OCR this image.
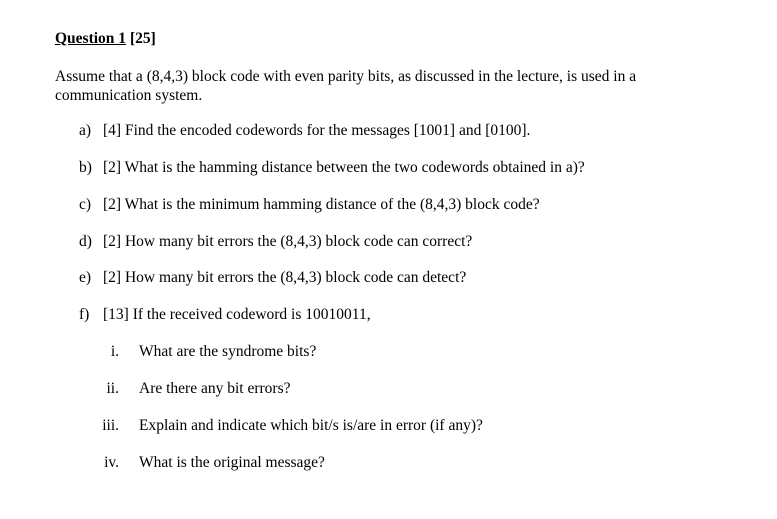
Question 1 [25]
Assume that a (8,4,3) block code with even parity bits, as discussed in the lecture, is used in a communication system.
a) [4] Find the encoded codewords for the messages [1001] and [0100].
b) [2] What is the hamming distance between the two codewords obtained in a)?
c) [2] What is the minimum hamming distance of the (8,4,3) block code?
d) [2] How many bit errors the (8,4,3) block code can correct?
e) [2] How many bit errors the (8,4,3) block code can detect?
f) [13] If the received codeword is 10010011,
i. What are the syndrome bits?
ii. Are there any bit errors?
iii. Explain and indicate which bit/s is/are in error (if any)?
iv. What is the original message?
